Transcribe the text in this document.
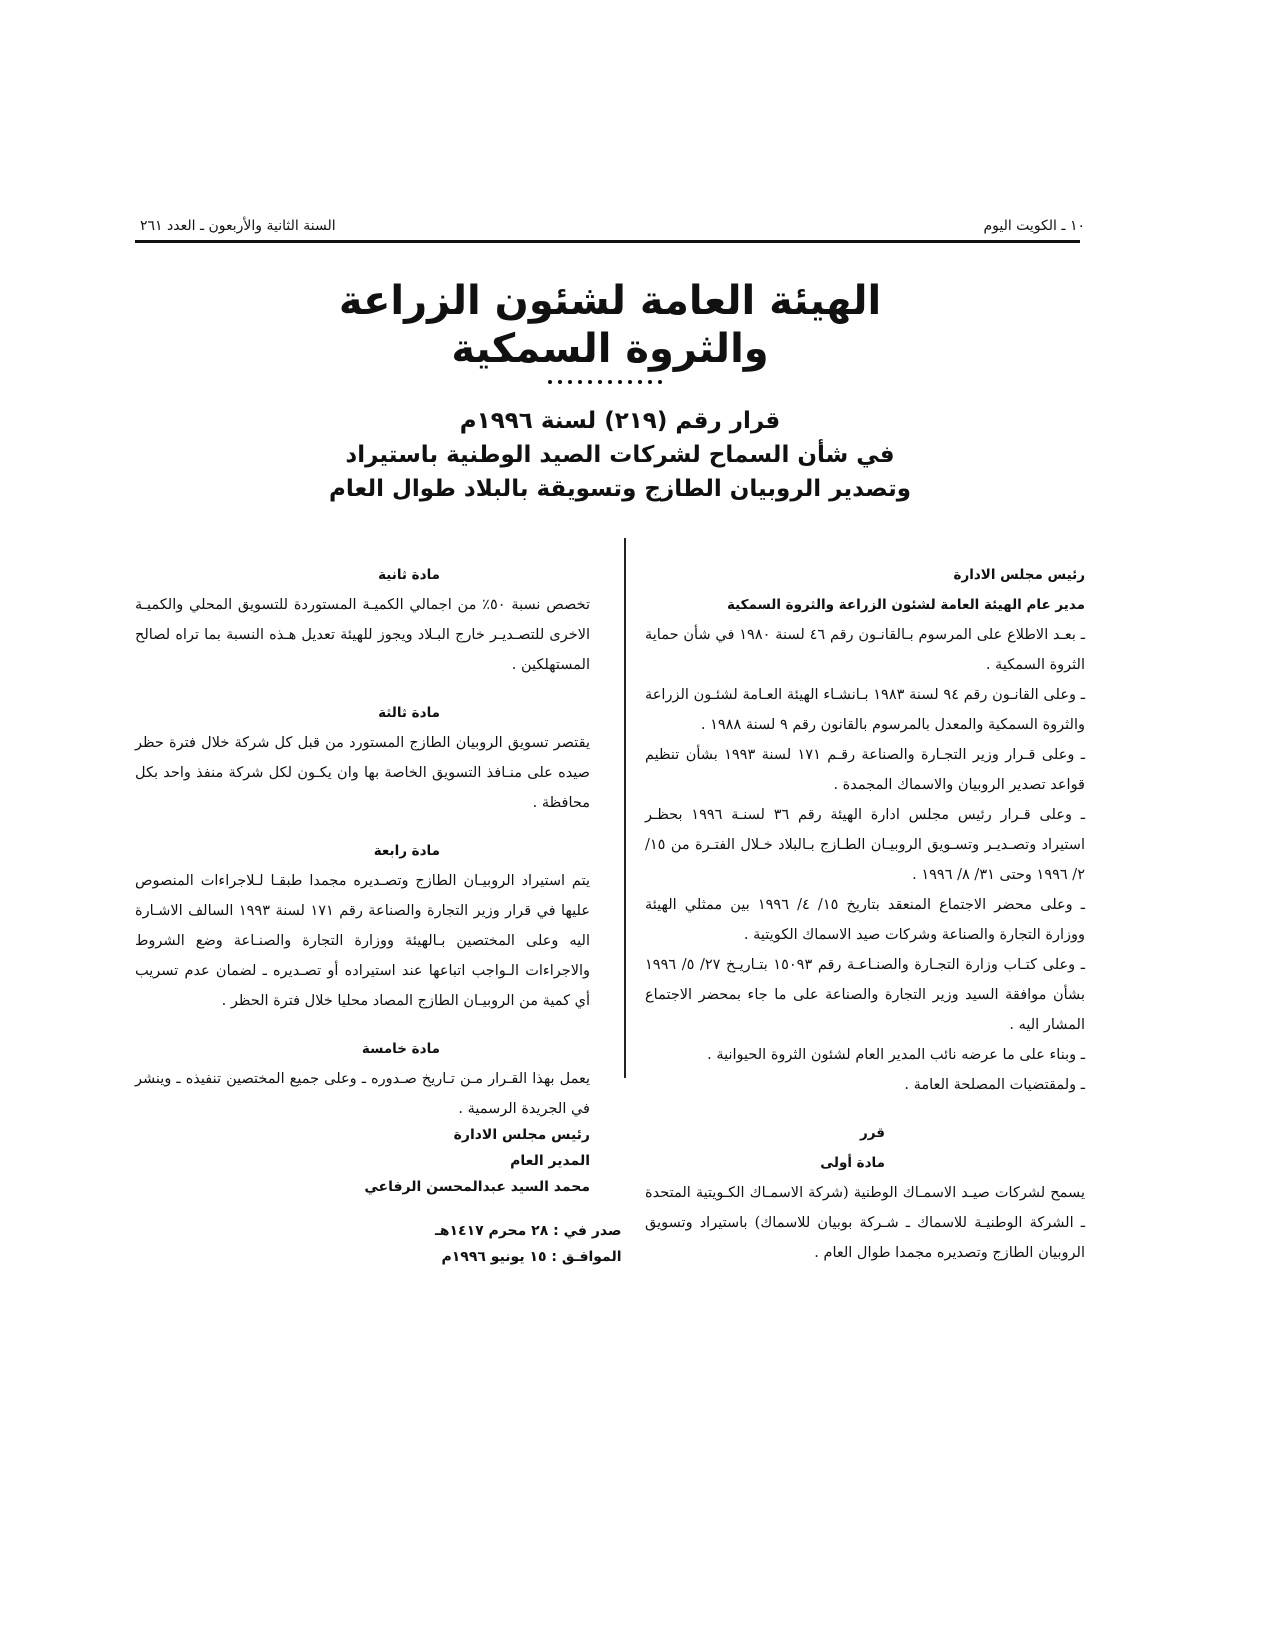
السنة الثانية والأربعون ـ العدد ٢٦١	١٠ ـ الكويت اليوم
الهيئة العامة لشئون الزراعة
والثروة السمكية
قرار رقم (٢١٩) لسنة ١٩٩٦م
في شأن السماح لشركات الصيد الوطنية باستيراد
وتصدير الروبيان الطازج وتسويقة بالبلاد طوال العام
رئيس مجلس الادارة
مدير عام الهيئة العامة لشئون الزراعة والثروة السمكية

ـ بعـد الاطلاع على المرسوم بـالقانـون رقم ٤٦ لسنة ١٩٨٠ في شأن حماية الثروة السمكية .

ـ وعلى القانـون رقم ٩٤ لسنة ١٩٨٣ بـانشـاء الهيئة العـامة لشئـون الزراعة والثروة السمكية والمعدل بالمرسوم بالقانون رقم ٩ لسنة ١٩٨٨ .

ـ وعلى قـرار وزير التجـارة والصناعة رقـم ١٧١ لسنة ١٩٩٣ بشأن تنظيم قواعد تصدير الروبيان والاسماك المجمدة .

ـ وعلى قـرار رئيس مجلس ادارة الهيئة رقم ٣٦ لسنـة ١٩٩٦ بحظـر استيراد وتصـديـر وتسـويق الروبيـان الطـازج بـالبلاد خـلال الفتـرة من ١٥/ ٢/ ١٩٩٦ وحتى ٣١/ ٨/ ١٩٩٦ .

ـ وعلى محضر الاجتماع المنعقد بتاريخ ١٥/ ٤/ ١٩٩٦ بين ممثلي الهيئة ووزارة التجارة والصناعة وشركات صيد الاسماك الكويتية .

ـ وعلى كتـاب وزارة التجـارة والصنـاعـة رقم ١٥٠٩٣ بتـاريـخ ٢٧/ ٥/ ١٩٩٦ بشأن موافقة السيد وزير التجارة والصناعة على ما جاء بمحضر الاجتماع المشار اليه .

ـ وبناء على ما عرضه نائب المدير العام لشئون الثروة الحيوانية .

ـ ولمقتضيات المصلحة العامة .

قرر
مادة أولى

يسمح لشركات صيـد الاسمـاك الوطنية (شركة الاسمـاك الكـويتية المتحدة ـ الشركة الوطنيـة للاسماك ـ شـركة بوبيان للاسماك) باستيراد وتسويق الروبيان الطازج وتصديره مجمدا طوال العام .

مادة ثانية

تخصص نسبة ٥٠٪ من اجمالي الكميـة المستوردة للتسويق المحلي والكميـة الاخرى للتصـديـر خارج البـلاد ويجوز للهيئة تعديل هـذه النسبة بما تراه لصالح المستهلكين .

مادة ثالثة

يقتصر تسويق الروبيان الطازج المستورد من قبل كل شركة خلال فترة حظر صيده على منـافذ التسويق الخاصة بها وان يكـون لكل شركة منفذ واحد بكل محافظة .

مادة رابعة

يتم استيراد الروبيـان الطازج وتصـديره مجمدا طبقـا لـلاجراءات المنصوص عليها في قرار وزير التجارة والصناعة رقم ١٧١ لسنة ١٩٩٣ السالف الاشـارة اليه وعلى المختصين بـالهيئة ووزارة التجارة والصنـاعة وضع الشروط والاجراءات الـواجب اتباعها عند استيراده أو تصـديره ـ لضمان عدم تسريب أي كمية من الروبيـان الطازج المصاد محليا خلال فترة الحظر .

مادة خامسة

يعمل بهذا القـرار مـن تـاريخ صـدوره ـ وعلى جميع المختصين تنفيذه ـ وينشر في الجريدة الرسمية .

رئيس مجلس الادارة
المدير العام
محمد السيد عبدالمحسن الرفاعي
صدر في : ٢٨ محرم ١٤١٧هـ
الموافـق : ١٥ يونيو ١٩٩٦م
